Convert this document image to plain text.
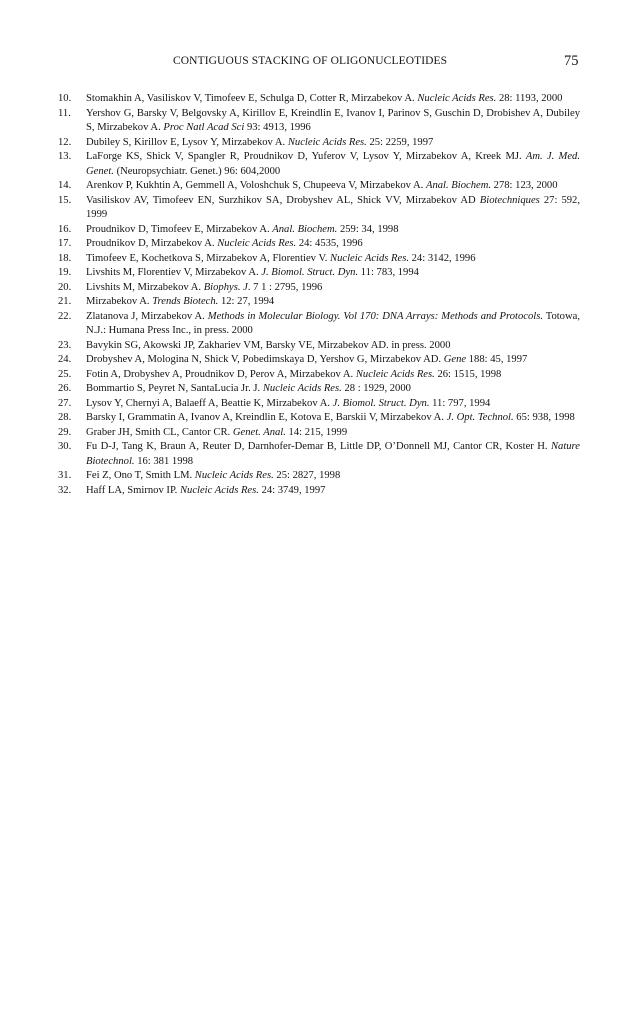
CONTIGUOUS STACKING OF OLIGONUCLEOTIDES	75
10.	Stomakhin A, Vasiliskov V, Timofeev E, Schulga D, Cotter R, Mirzabekov A. Nucleic Acids Res. 28: 1193, 2000
11.	Yershov G, Barsky V, Belgovsky A, Kirillov E, Kreindlin E, Ivanov I, Parinov S, Guschin D, Drobishev A, Dubiley S, Mirzabekov A. Proc Natl Acad Sci 93: 4913, 1996
12.	Dubiley S, Kirillov E, Lysov Y, Mirzabekov A. Nucleic Acids Res. 25: 2259, 1997
13.	LaForge KS, Shick V, Spangler R, Proudnikov D, Yuferov V, Lysov Y, Mirzabekov A, Kreek MJ. Am. J. Med. Genet. (Neuropsychiatr. Genet.) 96: 604,2000
14.	Arenkov P, Kukhtin A, Gemmell A, Voloshchuk S, Chupeeva V, Mirzabekov A. Anal. Biochem. 278: 123, 2000
15.	Vasiliskov AV, Timofeev EN, Surzhikov SA, Drobyshev AL, Shick VV, Mirzabekov AD Biotechniques 27: 592, 1999
16.	Proudnikov D, Timofeev E, Mirzabekov A. Anal. Biochem. 259: 34, 1998
17.	Proudnikov D, Mirzabekov A. Nucleic Acids Res. 24: 4535, 1996
18.	Timofeev E, Kochetkova S, Mirzabekov A, Florentiev V. Nucleic Acids Res. 24: 3142, 1996
19.	Livshits M, Florentiev V, Mirzabekov A. J. Biomol. Struct. Dyn. 11: 783, 1994
20.	Livshits M, Mirzabekov A. Biophys. J. 7 1 : 2795, 1996
21.	Mirzabekov A. Trends Biotech. 12: 27, 1994
22.	Zlatanova J, Mirzabekov A. Methods in Molecular Biology. Vol 170: DNA Arrays: Methods and Protocols. Totowa, N.J.: Humana Press Inc., in press. 2000
23.	Bavykin SG, Akowski JP, Zakhariev VM, Barsky VE, Mirzabekov AD. in press. 2000
24.	Drobyshev A, Mologina N, Shick V, Pobedimskaya D, Yershov G, Mirzabekov AD. Gene 188: 45, 1997
25.	Fotin A, Drobyshev A, Proudnikov D, Perov A, Mirzabekov A. Nucleic Acids Res. 26: 1515, 1998
26.	Bommartio S, Peyret N, SantaLucia Jr. J. Nucleic Acids Res. 28 : 1929, 2000
27.	Lysov Y, Chernyi A, Balaeff A, Beattie K, Mirzabekov A. J. Biomol. Struct. Dyn. 11: 797, 1994
28.	Barsky I, Grammatin A, Ivanov A, Kreindlin E, Kotova E, Barskii V, Mirzabekov A. J. Opt. Technol. 65: 938, 1998
29.	Graber JH, Smith CL, Cantor CR. Genet. Anal. 14: 215, 1999
30.	Fu D-J, Tang K, Braun A, Reuter D, Darnhofer-Demar B, Little DP, O’Donnell MJ, Cantor CR, Koster H. Nature Biotechnol. 16: 381 1998
31.	Fei Z, Ono T, Smith LM. Nucleic Acids Res. 25: 2827, 1998
32.	Haff LA, Smirnov IP. Nucleic Acids Res. 24: 3749, 1997
